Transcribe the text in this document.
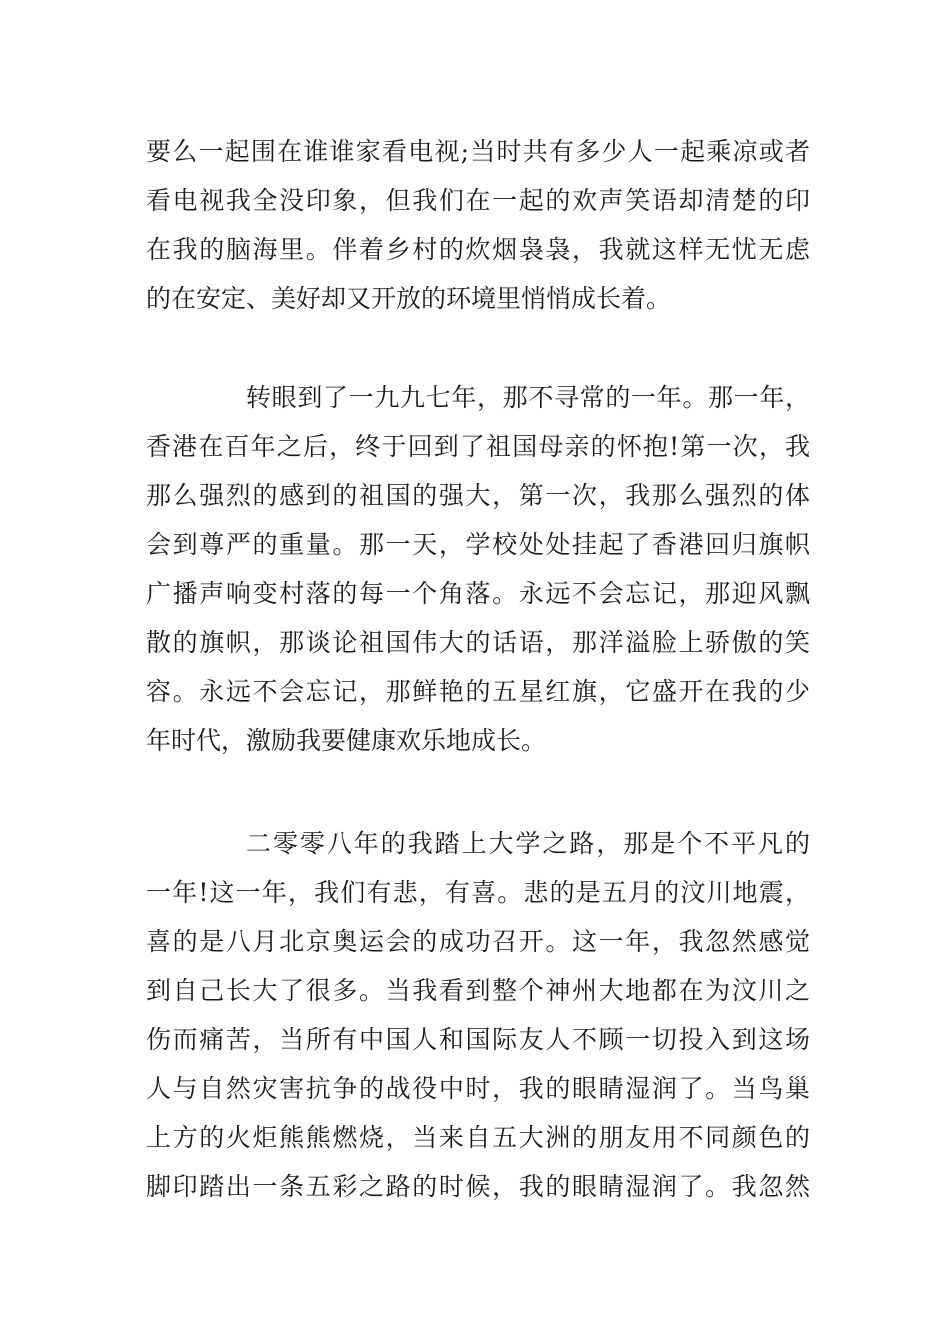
要么一起围在谁谁家看电视;当时共有多少人一起乘凉或者
看电视我全没印象，但我们在一起的欢声笑语却清楚的印
在我的脑海里。伴着乡村的炊烟袅袅，我就这样无忧无虑
的在安定、美好却又开放的环境里悄悄成长着。
转眼到了一九九七年，那不寻常的一年。那一年，
香港在百年之后，终于回到了祖国母亲的怀抱!第一次，我
那么强烈的感到的祖国的强大，第一次，我那么强烈的体
会到尊严的重量。那一天，学校处处挂起了香港回归旗帜
广播声响变村落的每一个角落。永远不会忘记，那迎风飘
散的旗帜，那谈论祖国伟大的话语，那洋溢脸上骄傲的笑
容。永远不会忘记，那鲜艳的五星红旗，它盛开在我的少
年时代，激励我要健康欢乐地成长。
二零零八年的我踏上大学之路，那是个不平凡的
一年!这一年，我们有悲，有喜。悲的是五月的汶川地震，
喜的是八月北京奥运会的成功召开。这一年，我忽然感觉
到自己长大了很多。当我看到整个神州大地都在为汶川之
伤而痛苦，当所有中国人和国际友人不顾一切投入到这场
人与自然灾害抗争的战役中时，我的眼睛湿润了。当鸟巢
上方的火炬熊熊燃烧，当来自五大洲的朋友用不同颜色的
脚印踏出一条五彩之路的时候，我的眼睛湿润了。我忽然
